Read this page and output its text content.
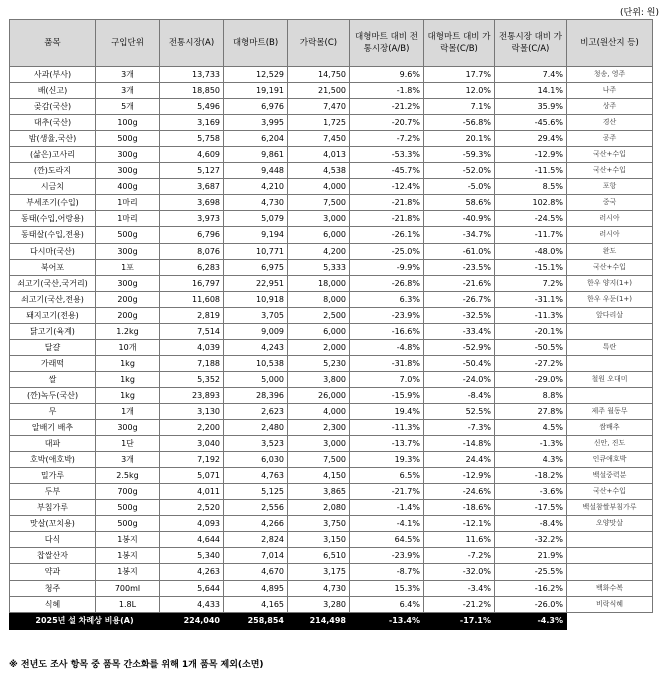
(단위: 원)
품목	구입단위	전통시장(A)	대형마트(B)	가락몰(C)	대형마트 대비 전통시장(A/B)	대형마트 대비 가락몰(C/B)	전통시장 대비 가락몰(C/A)	비고(원산지 등)
사과(부사)	3개	13,733	12,529	14,750	9.6%	17.7%	7.4%	청송, 영주
배(신고)	3개	18,850	19,191	21,500	-1.8%	12.0%	14.1%	나주
곶감(국산)	5개	5,496	6,976	7,470	-21.2%	7.1%	35.9%	상주
대추(국산)	100g	3,169	3,995	1,725	-20.7%	-56.8%	-45.6%	경산
밤(생율,국산)	500g	5,758	6,204	7,450	-7.2%	20.1%	29.4%	공주
(삶은)고사리	300g	4,609	9,861	4,013	-53.3%	-59.3%	-12.9%	국산+수입
(깐)도라지	300g	5,127	9,448	4,538	-45.7%	-52.0%	-11.5%	국산+수입
시금치	400g	3,687	4,210	4,000	-12.4%	-5.0%	8.5%	포항
부세조기(수입)	1마리	3,698	4,730	7,500	-21.8%	58.6%	102.8%	중국
동태(수입,어랑용)	1마리	3,973	5,079	3,000	-21.8%	-40.9%	-24.5%	러시아
동태살(수입,전용)	500g	6,796	9,194	6,000	-26.1%	-34.7%	-11.7%	러시아
다시마(국산)	300g	8,076	10,771	4,200	-25.0%	-61.0%	-48.0%	완도
북어포	1포	6,283	6,975	5,333	-9.9%	-23.5%	-15.1%	국산+수입
쇠고기(국산,국거리)	300g	16,797	22,951	18,000	-26.8%	-21.6%	7.2%	한우 양지(1+)
쇠고기(국산,전용)	200g	11,608	10,918	8,000	6.3%	-26.7%	-31.1%	한우 우둔(1+)
돼지고기(전용)	200g	2,819	3,705	2,500	-23.9%	-32.5%	-11.3%	앞다리살
닭고기(육계)	1.2kg	7,514	9,009	6,000	-16.6%	-33.4%	-20.1%	
달걀	10개	4,039	4,243	2,000	-4.8%	-52.9%	-50.5%	특란
가래떡	1kg	7,188	10,538	5,230	-31.8%	-50.4%	-27.2%	
쌀	1kg	5,352	5,000	3,800	7.0%	-24.0%	-29.0%	철원 오대미
(깐)녹두(국산)	1kg	23,893	28,396	26,000	-15.9%	-8.4%	8.8%	
무	1개	3,130	2,623	4,000	19.4%	52.5%	27.8%	제주 월동무
알배기 배추	300g	2,200	2,480	2,300	-11.3%	-7.3%	4.5%	쌈배추
대파	1단	3,040	3,523	3,000	-13.7%	-14.8%	-1.3%	신안, 진도
호박(애호박)	3개	7,192	6,030	7,500	19.3%	24.4%	4.3%	인큐애호박
밀가루	2.5kg	5,071	4,763	4,150	6.5%	-12.9%	-18.2%	백설중력분
두부	700g	4,011	5,125	3,865	-21.7%	-24.6%	-3.6%	국산+수입
부침가루	500g	2,520	2,556	2,080	-1.4%	-18.6%	-17.5%	백설참쌀부침가루
맛살(꼬치용)	500g	4,093	4,266	3,750	-4.1%	-12.1%	-8.4%	오양맛살
다식	1봉지	4,644	2,824	3,150	64.5%	11.6%	-32.2%	
찹쌀산자	1봉지	5,340	7,014	6,510	-23.9%	-7.2%	21.9%	
약과	1봉지	4,263	4,670	3,175	-8.7%	-32.0%	-25.5%	
청주	700ml	5,644	4,895	4,730	15.3%	-3.4%	-16.2%	백화수복
식혜	1.8L	4,433	4,165	3,280	6.4%	-21.2%	-26.0%	비락식혜
2025년 설 차례상 비용(A)		224,040	258,854	214,498	-13.4%	-17.1%	-4.3%	
※ 전년도 조사 항목 중 품목 간소화를 위해 1개 품목 제외(소면)
